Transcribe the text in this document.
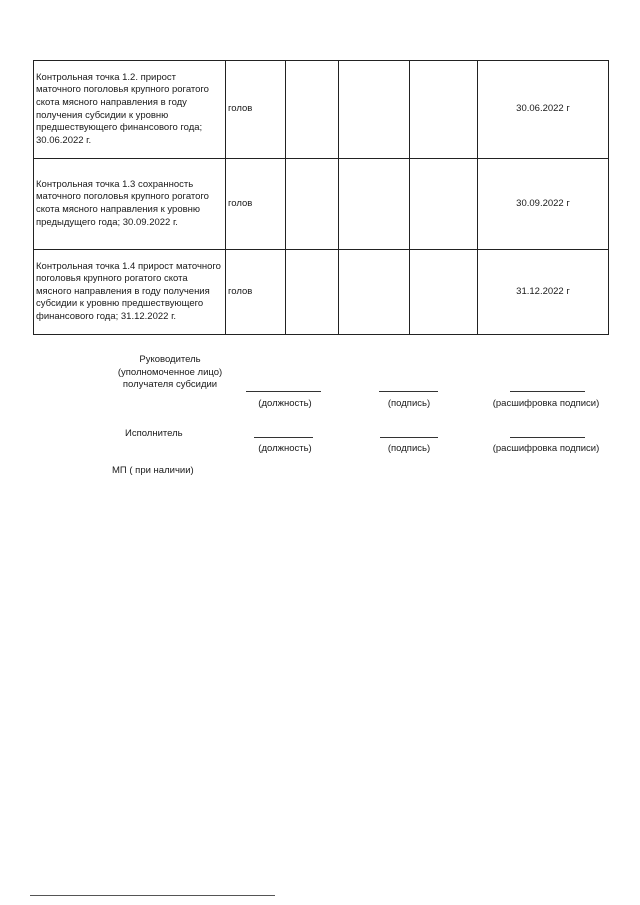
Контрольная точка 1.2. прирост маточного поголовья крупного рогатого скота мясного направления в году получения субсидии к уровню предшествующего финансового года; 30.06.2022 г.	голов				30.06.2022 г
Контрольная точка 1.3 сохранность маточного поголовья крупного рогатого скота мясного направления к уровню предыдущего года; 30.09.2022 г.	голов				30.09.2022 г
Контрольная точка 1.4 прирост маточного поголовья крупного рогатого скота мясного направления в году получения субсидии к уровню предшествующего финансового года; 31.12.2022 г.	голов				31.12.2022 г
Руководитель
(уполномоченное лицо)
получателя субсидии
(должность)	(подпись)	(расшифровка подписи)
Исполнитель
(должность)	(подпись)	(расшифровка подписи)
МП ( при наличии)
